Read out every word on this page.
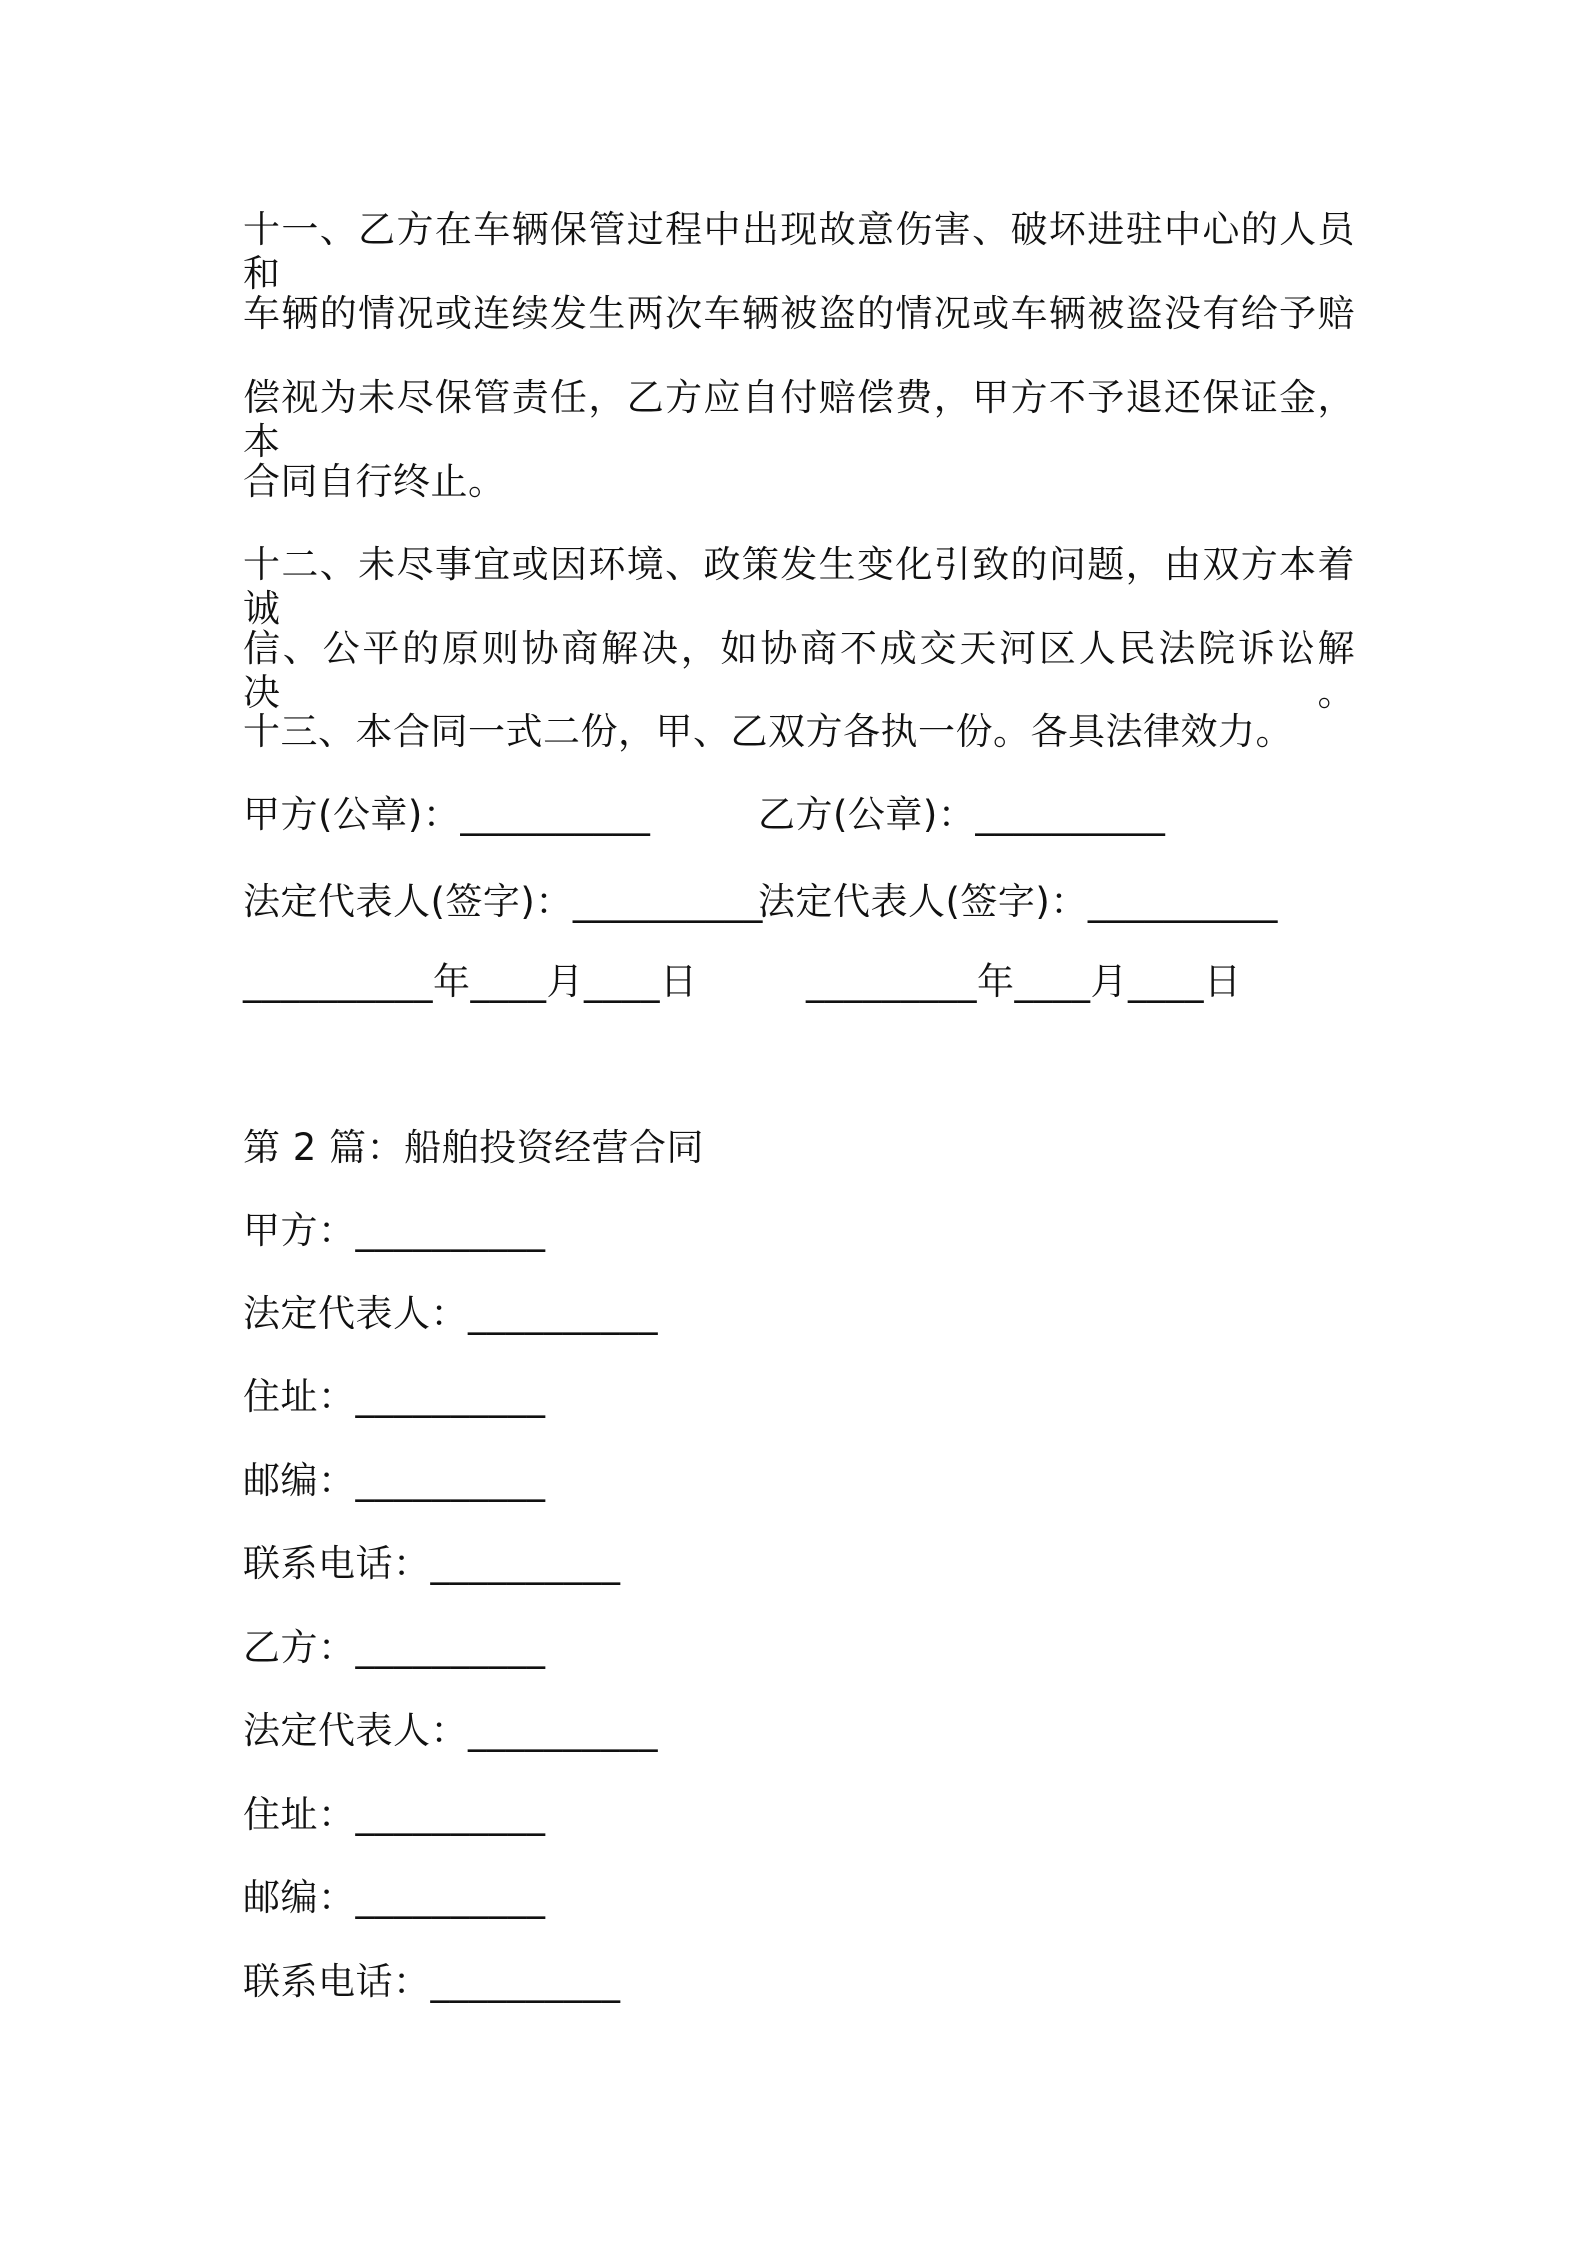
十一、乙方在车辆保管过程中出现故意伤害、破坏进驻中心的人员和
车辆的情况或连续发生两次车辆被盗的情况或车辆被盗没有给予赔
偿视为未尽保管责任，乙方应自付赔偿费，甲方不予退还保证金，本
合同自行终止。
十二、未尽事宜或因环境、政策发生变化引致的问题，由双方本着诚
信、公平的原则协商解决，如协商不成交天河区人民法院诉讼解决。
十三、本合同一式二份，甲、乙双方各执一份。各具法律效力。
甲方(公章)：__________	乙方(公章)：__________
法定代表人(签字)：__________
法定代表人(签字)：__________
__________年____月____日	_________年____月____日
第 2 篇：船舶投资经营合同
甲方：__________
法定代表人：__________
住址：__________
邮编：__________
联系电话：__________
乙方：__________
法定代表人：__________
住址：__________
邮编：__________
联系电话：__________
